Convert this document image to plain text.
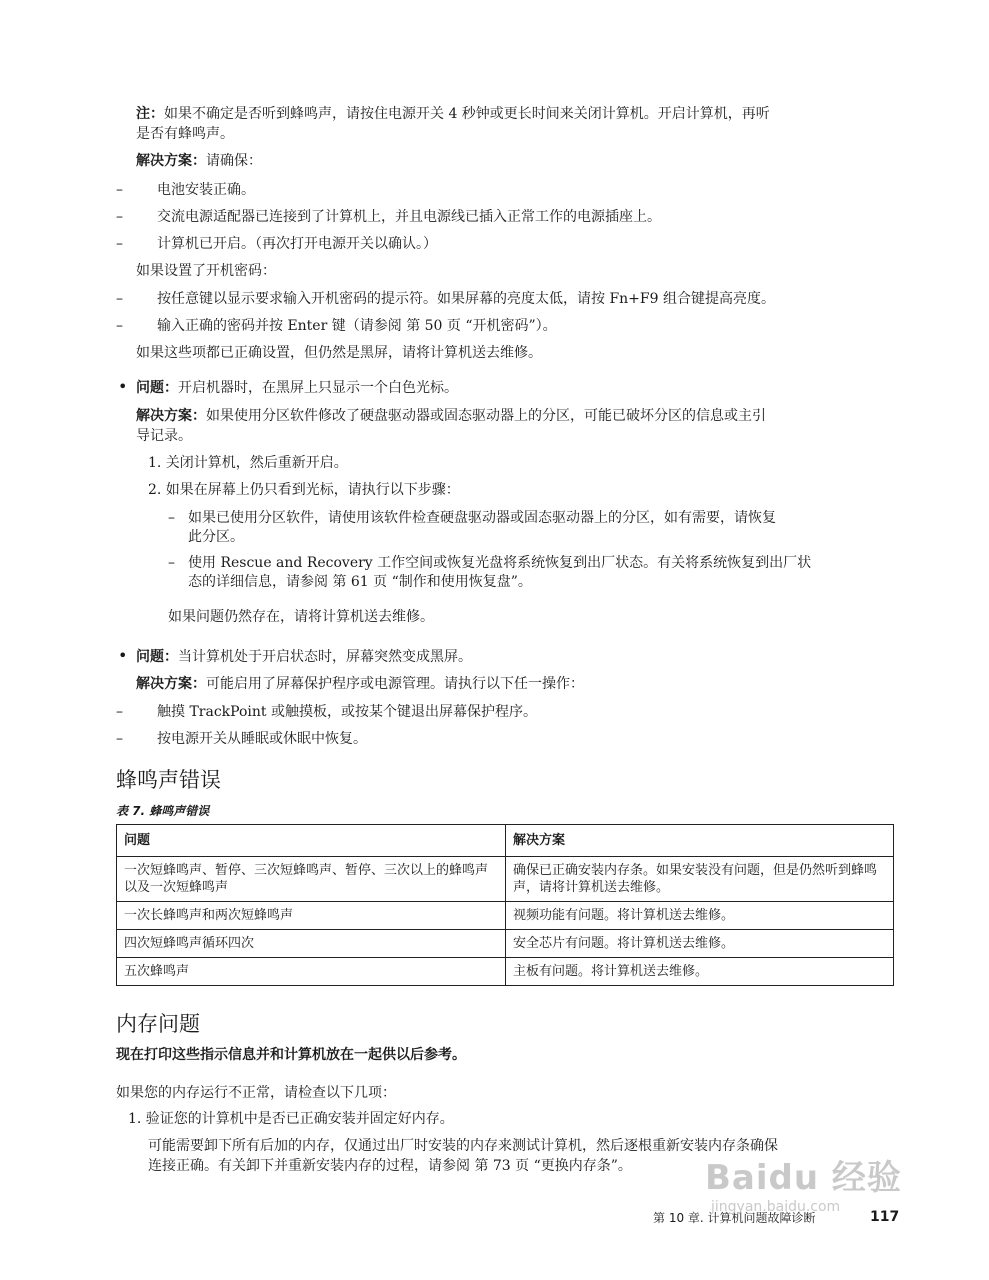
注：如果不确定是否听到蜂鸣声，请按住电源开关 4 秒钟或更长时间来关闭计算机。开启计算机，再听
是否有蜂鸣声。
解决方案：请确保：
– 电池安装正确。
– 交流电源适配器已连接到了计算机上，并且电源线已插入正常工作的电源插座上。
– 计算机已开启。（再次打开电源开关以确认。）
如果设置了开机密码：
– 按任意键以显示要求输入开机密码的提示符。如果屏幕的亮度太低，请按 Fn+F9 组合键提高亮度。
– 输入正确的密码并按 Enter 键（请参阅 第 50 页 “开机密码”）。
如果这些项都已正确设置，但仍然是黑屏，请将计算机送去维修。
• 问题：开启机器时，在黑屏上只显示一个白色光标。
解决方案：如果使用分区软件修改了硬盘驱动器或固态驱动器上的分区，可能已破坏分区的信息或主引
导记录。
1. 关闭计算机，然后重新开启。
2. 如果在屏幕上仍只看到光标，请执行以下步骤：
– 如果已使用分区软件，请使用该软件检查硬盘驱动器或固态驱动器上的分区，如有需要，请恢复
此分区。
– 使用 Rescue and Recovery 工作空间或恢复光盘将系统恢复到出厂状态。有关将系统恢复到出厂状
态的详细信息，请参阅 第 61 页 “制作和使用恢复盘”。
如果问题仍然存在，请将计算机送去维修。
• 问题：当计算机处于开启状态时，屏幕突然变成黑屏。
解决方案：可能启用了屏幕保护程序或电源管理。请执行以下任一操作：
– 触摸 TrackPoint 或触摸板，或按某个键退出屏幕保护程序。
– 按电源开关从睡眠或休眠中恢复。
蜂鸣声错误
表 7. 蜂鸣声错误
问题	解决方案
一次短蜂鸣声、暂停、三次短蜂鸣声、暂停、三次以上的蜂鸣声以及一次短蜂鸣声	确保已正确安装内存条。如果安装没有问题，但是仍然听到蜂鸣声，请将计算机送去维修。
一次长蜂鸣声和两次短蜂鸣声	视频功能有问题。将计算机送去维修。
四次短蜂鸣声循环四次	安全芯片有问题。将计算机送去维修。
五次蜂鸣声	主板有问题。将计算机送去维修。
内存问题
现在打印这些指示信息并和计算机放在一起供以后参考。
如果您的内存运行不正常，请检查以下几项：
1. 验证您的计算机中是否已正确安装并固定好内存。
可能需要卸下所有后加的内存，仅通过出厂时安装的内存来测试计算机，然后逐根重新安装内存条确保
连接正确。有关卸下并重新安装内存的过程，请参阅 第 73 页 “更换内存条”。
第 10 章. 计算机问题故障诊断	117
Baidu 经验
jingyan.baidu.com
